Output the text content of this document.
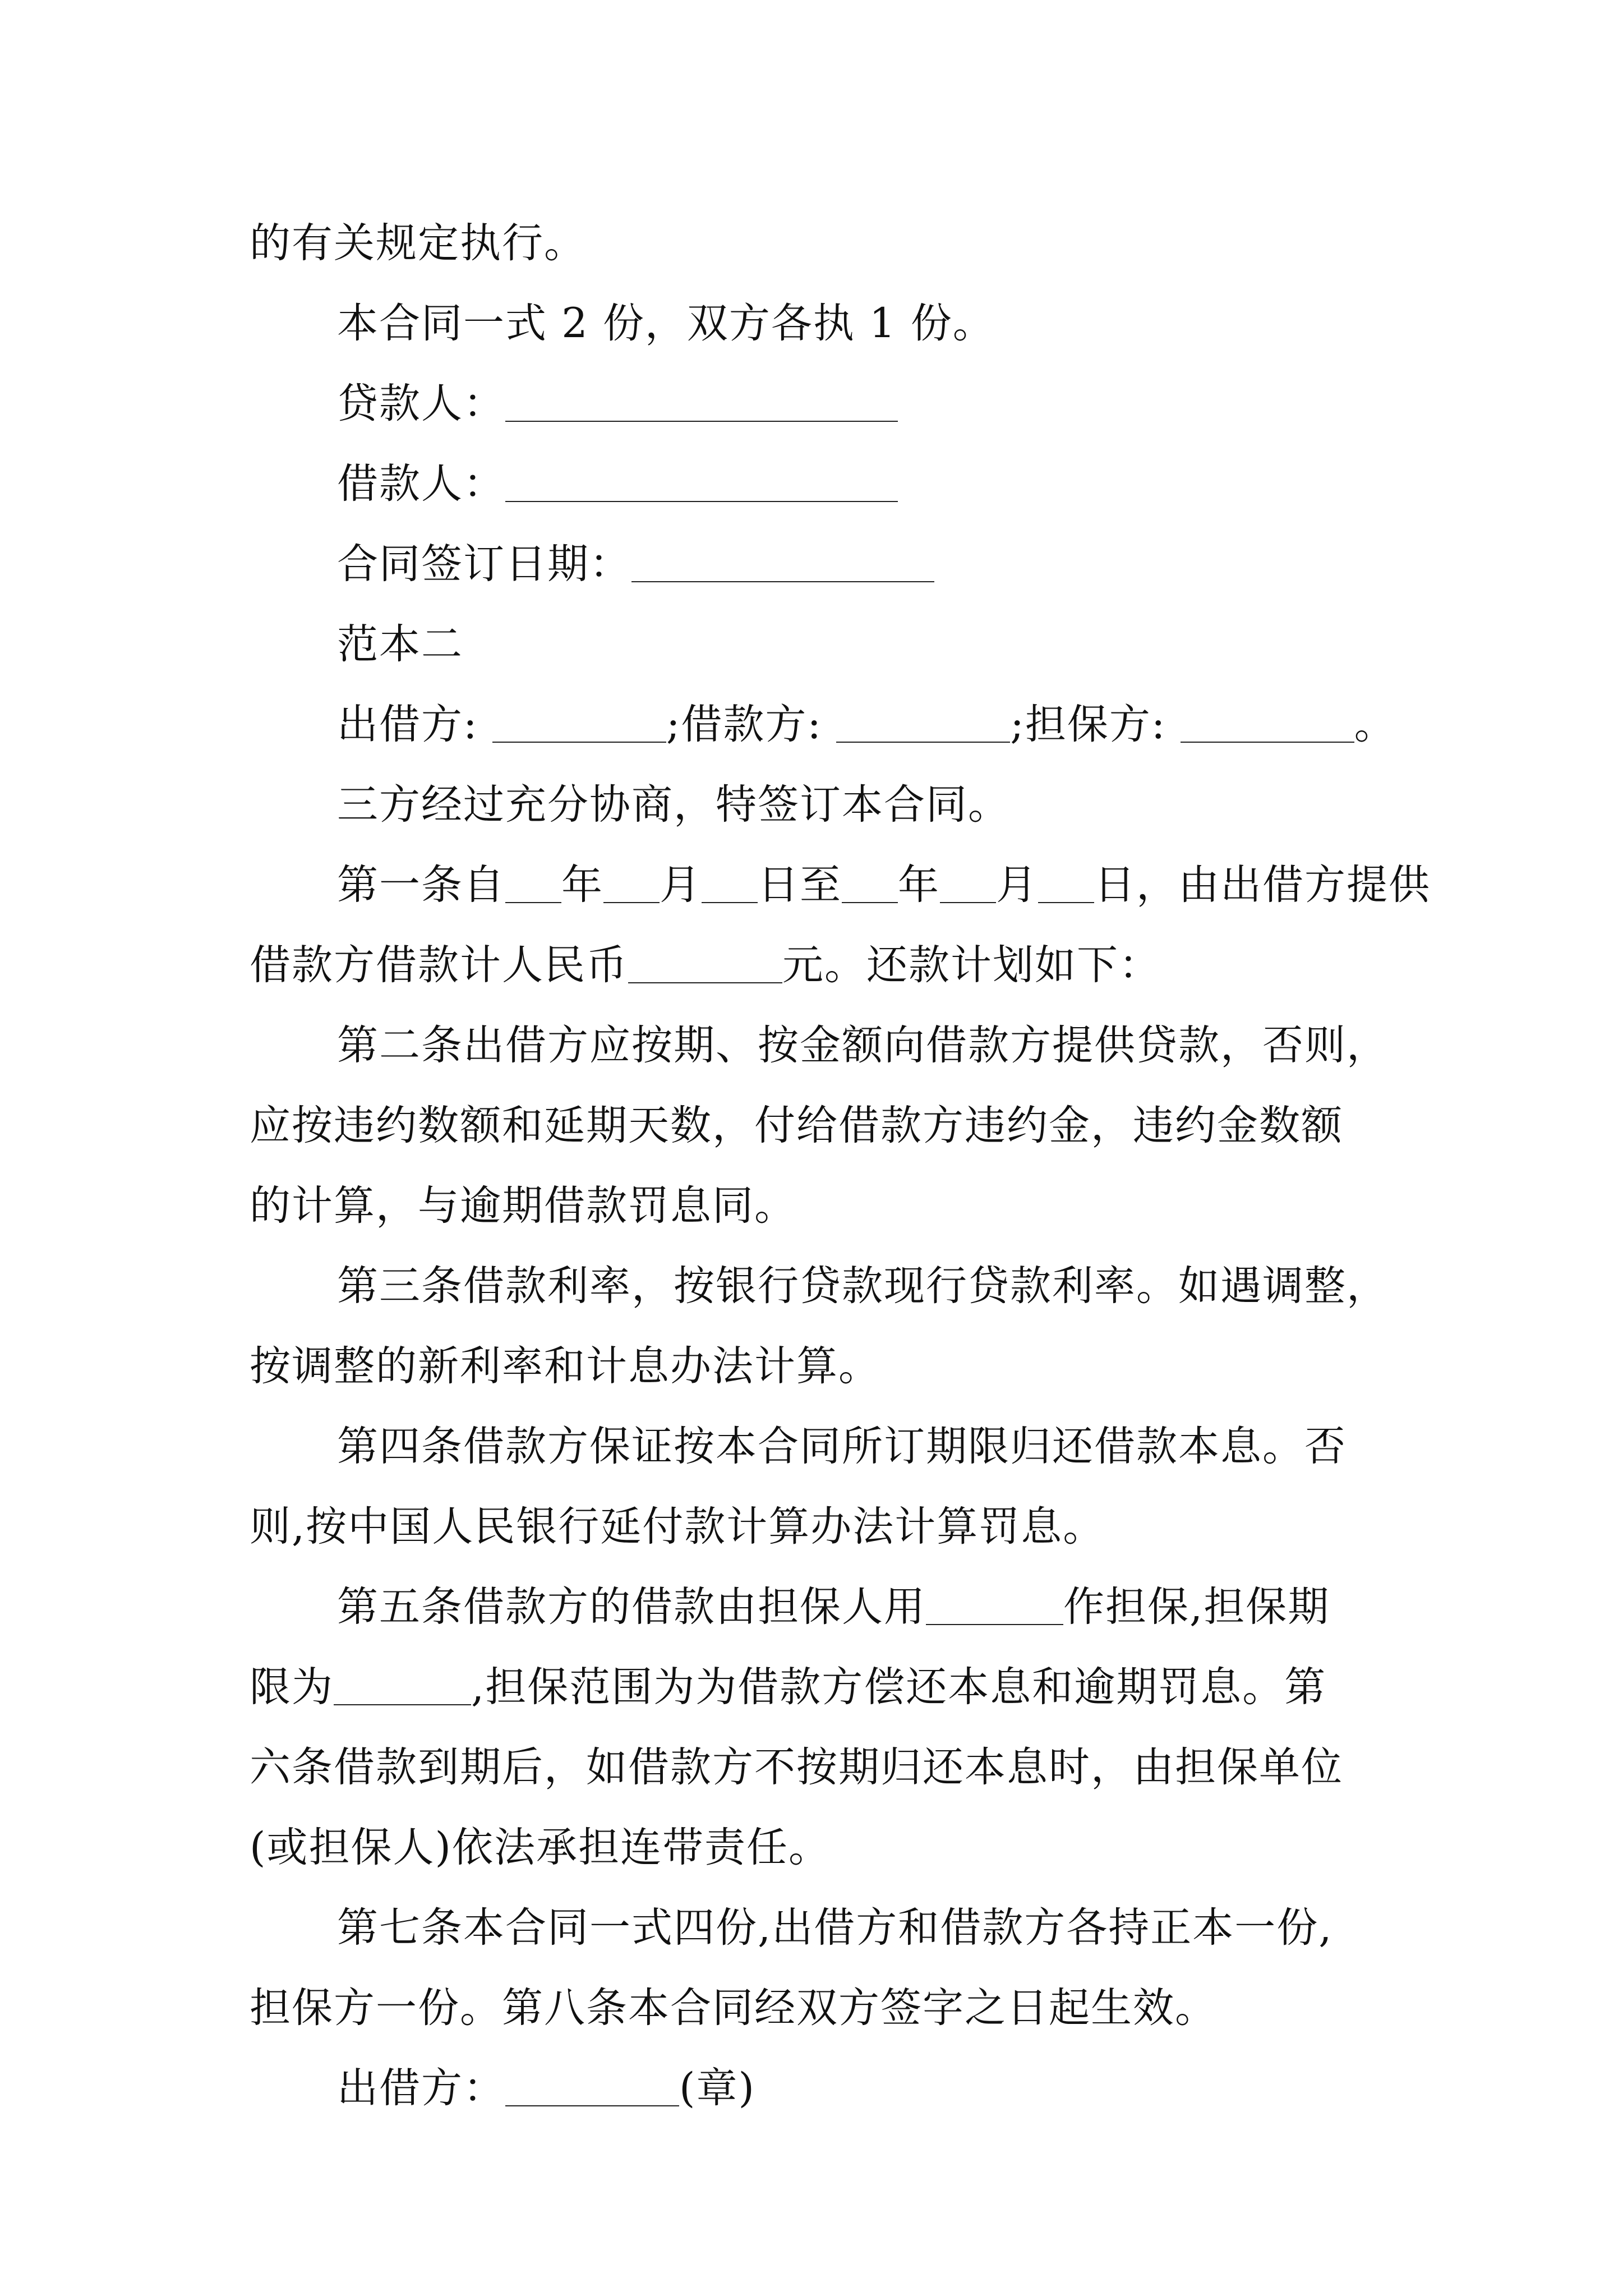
的有关规定执行。

本合同一式 2 份，双方各执 1 份。

贷款人：

借款人：

合同签订日期：

范本二

出借方:	;借款方:	;担保方:	。

三方经过充分协商，特签订本合同。

第一条自 年 月 日至 年 月 日，由出借方提供

借款方借款计人民币	元。还款计划如下：

第二条出借方应按期、按金额向借款方提供贷款，否则，

应按违约数额和延期天数，付给借款方违约金，违约金数额

的计算，与逾期借款罚息同。

第三条借款利率，按银行贷款现行贷款利率。如遇调整，

按调整的新利率和计息办法计算。

第四条借款方保证按本合同所订期限归还借款本息。否

则,按中国人民银行延付款计算办法计算罚息。

第五条借款方的借款由担保人用	作担保,担保期

限为	,担保范围为为借款方偿还本息和逾期罚息。第

六条借款到期后，如借款方不按期归还本息时，由担保单位

(或担保人)依法承担连带责任。

第七条本合同一式四份,出借方和借款方各持正本一份,

担保方一份。第八条本合同经双方签字之日起生效。

出借方：	(章)
